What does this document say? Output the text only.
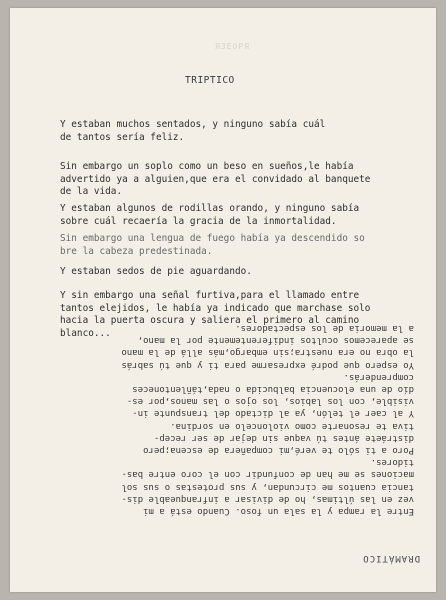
ЯЗЕОРЯ
TRIPTICO
Y estaban muchos sentados, y ninguno sabía cuál
de tantos sería feliz.
Sin embargo un soplo como un beso en sueños,le había
advertido ya a alguien,que era el convidado al banquete
de la vida.
Y estaban algunos de rodillas orando, y ninguno sabía
sobre cuál recaería la gracia de la inmortalidad.
Sin embargo una lengua de fuego había ya descendido so
bre la cabeza predestinada.
Y estaban sedos de pie aguardando.
Y sin embargo una señal furtiva,para el llamado entre
tantos elejidos, le había ya indicado que marchase solo
hacia la puerta oscura y saliera el primero al camino
blanco...
DRAMÁTICO
Entre la rampa y la sala un foso. Cuando está a mi
vez en las últimas, ho de divisar a infranqueable dis-
tancia cuantos me circundan, y sus protestas o sus sol
maciones se me han de confundir con el coro entre bas-
tidores.
Poro a ti sólo te veré,mi compañera de escena;pero
distráete ántes tú vaque sin dejar de ser recep-
tiva te resonarte como violoncelo en sordina.
Y al caer el telón, ya al dictado del transpunte in-
visible, con los labios, los ojos o las manos,por es-
dío de una elocuencia balbucida o nada,táñlentoneces
comprenderás.
Yo espero que podré expresarme para ti y que tú sabrás
la obra no era nuestra;sin embargo,más allá de la mano
se aparecemos ocultos indiferentemente por la mano,
a la memoria de los espectadores.
